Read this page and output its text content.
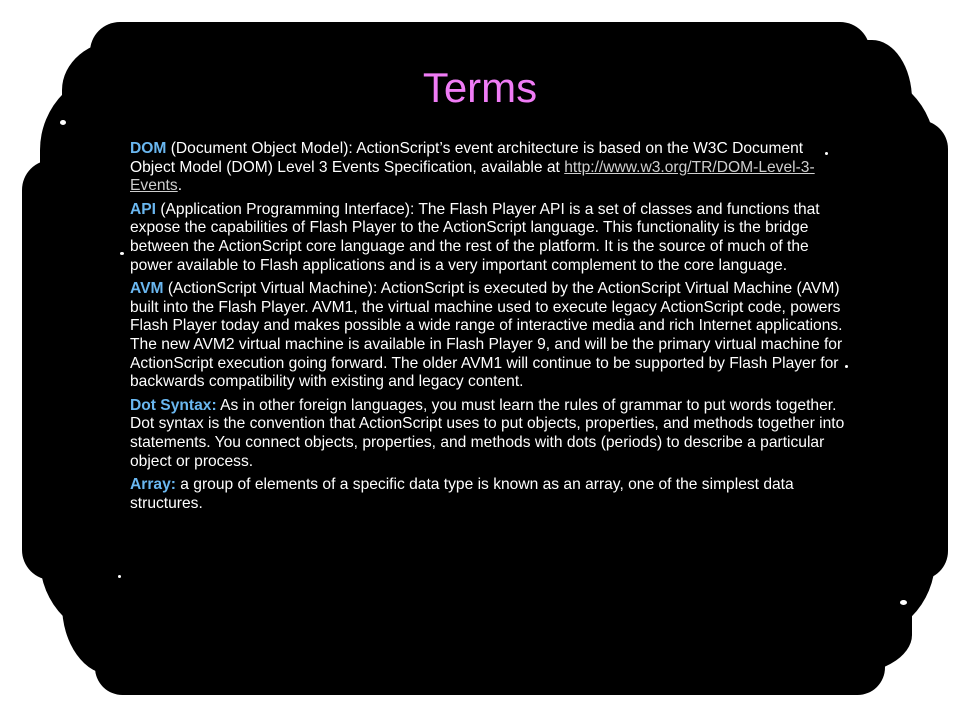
Terms

DOM (Document Object Model): ActionScript’s event architecture is based on the W3C Document Object Model (DOM) Level 3 Events Specification, available at http://www.w3.org/TR/DOM-Level-3-Events.

API (Application Programming Interface): The Flash Player API is a set of classes and functions that expose the capabilities of Flash Player to the ActionScript language. This functionality is the bridge between the ActionScript core language and the rest of the platform. It is the source of much of the power available to Flash applications and is a very important complement to the core language.

AVM (ActionScript Virtual Machine): ActionScript is executed by the ActionScript Virtual Machine (AVM) built into the Flash Player. AVM1, the virtual machine used to execute legacy ActionScript code, powers Flash Player today and makes possible a wide range of interactive media and rich Internet applications. The new AVM2 virtual machine is available in Flash Player 9, and will be the primary virtual machine for ActionScript execution going forward. The older AVM1 will continue to be supported by Flash Player for backwards compatibility with existing and legacy content.

Dot Syntax: As in other foreign languages, you must learn the rules of grammar to put words together. Dot syntax is the convention that ActionScript uses to put objects, properties, and methods together into statements. You connect objects, properties, and methods with dots (periods) to describe a particular object or process.

Array: a group of elements of a specific data type is known as an array, one of the simplest data structures.
